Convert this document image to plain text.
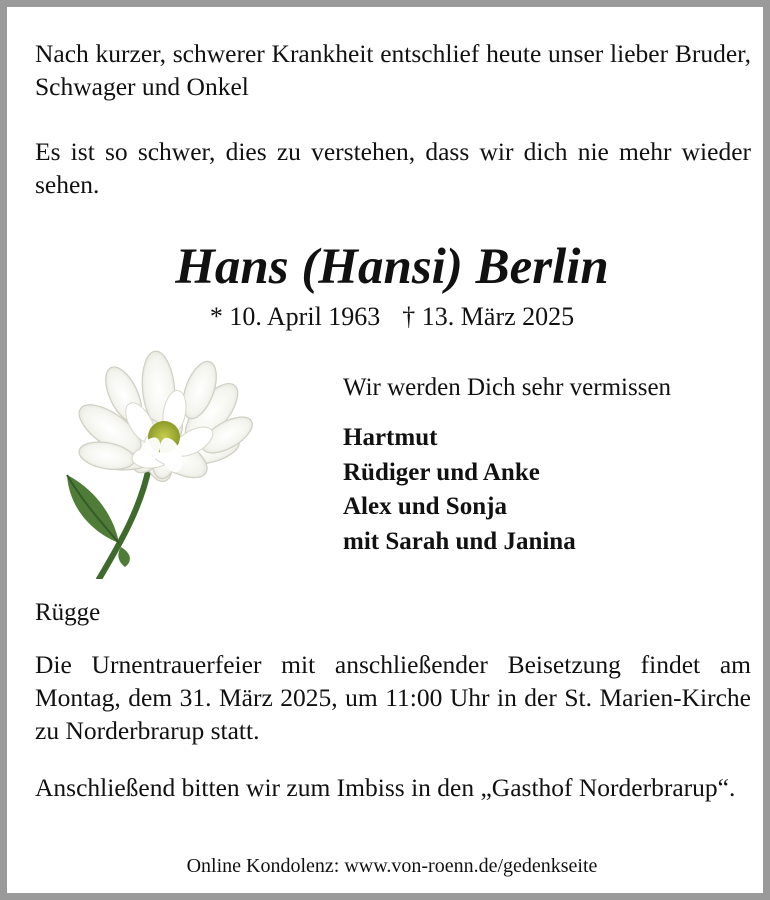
Nach kurzer, schwerer Krankheit entschlief heute unser lieber Bruder, Schwager und Onkel

Es ist so schwer, dies zu verstehen, dass wir dich nie mehr wieder sehen.

Hans (Hansi) Berlin
* 10. April 1963 † 13. März 2025
Wir werden Dich sehr vermissen
Hartmut
Rüdiger und Anke
Alex und Sonja
mit Sarah und Janina
Rügge

Die Urnentrauerfeier mit anschließender Beisetzung findet am Montag, dem 31. März 2025, um 11:00 Uhr in der St. Marien-Kirche zu Norderbrarup statt.

Anschließend bitten wir zum Imbiss in den „Gasthof Norderbrarup“.

Online Kondolenz: www.von-roenn.de/gedenkseite
